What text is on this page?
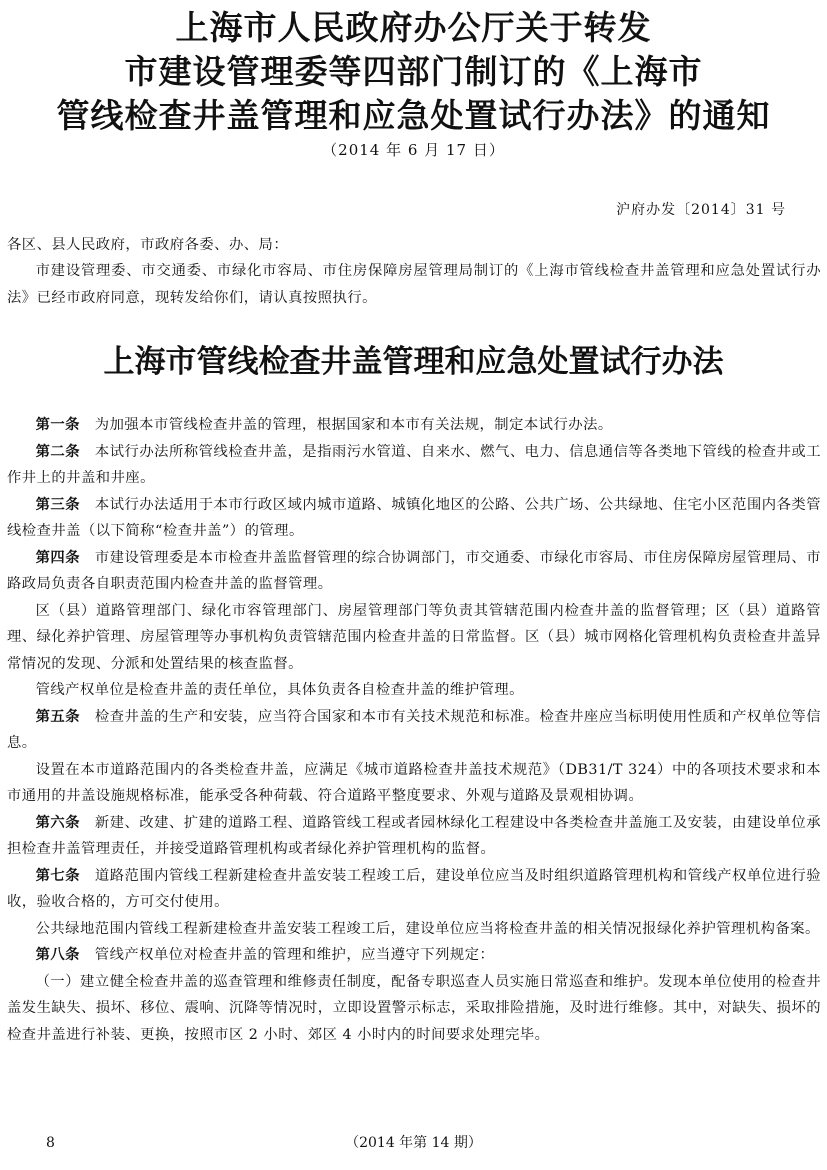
上海市人民政府办公厅关于转发
市建设管理委等四部门制订的《上海市
管线检查井盖管理和应急处置试行办法》的通知
（2014 年 6 月 17 日）
沪府办发〔2014〕31 号
各区、县人民政府，市政府各委、办、局：
市建设管理委、市交通委、市绿化市容局、市住房保障房屋管理局制订的《上海市管线检查井盖管理和应急处置试行办法》已经市政府同意，现转发给你们，请认真按照执行。
上海市管线检查井盖管理和应急处置试行办法
第一条　 为加强本市管线检查井盖的管理，根据国家和本市有关法规，制定本试行办法。
第二条　 本试行办法所称管线检查井盖，是指雨污水管道、自来水、燃气、电力、信息通信等各类地下管线的检查井或工作井上的井盖和井座。
第三条　 本试行办法适用于本市行政区域内城市道路、城镇化地区的公路、公共广场、公共绿地、住宅小区范围内各类管线检查井盖（以下简称“检查井盖”）的管理。
第四条　 市建设管理委是本市检查井盖监督管理的综合协调部门，市交通委、市绿化市容局、市住房保障房屋管理局、市路政局负责各自职责范围内检查井盖的监督管理。
区（县）道路管理部门、绿化市容管理部门、房屋管理部门等负责其管辖范围内检查井盖的监督管理；区（县）道路管理、绿化养护管理、房屋管理等办事机构负责管辖范围内检查井盖的日常监督。区（县）城市网格化管理机构负责检查井盖异常情况的发现、分派和处置结果的核查监督。
管线产权单位是检查井盖的责任单位，具体负责各自检查井盖的维护管理。
第五条　 检查井盖的生产和安装，应当符合国家和本市有关技术规范和标准。检查井座应当标明使用性质和产权单位等信息。
设置在本市道路范围内的各类检查井盖，应满足《城市道路检查井盖技术规范》（DB31/T 324）中的各项技术要求和本市通用的井盖设施规格标准，能承受各种荷载、符合道路平整度要求、外观与道路及景观相协调。
第六条　 新建、改建、扩建的道路工程、道路管线工程或者园林绿化工程建设中各类检查井盖施工及安装，由建设单位承担检查井盖管理责任，并接受道路管理机构或者绿化养护管理机构的监督。
第七条　 道路范围内管线工程新建检查井盖安装工程竣工后，建设单位应当及时组织道路管理机构和管线产权单位进行验收，验收合格的，方可交付使用。
公共绿地范围内管线工程新建检查井盖安装工程竣工后，建设单位应当将检查井盖的相关情况报绿化养护管理机构备案。
第八条　 管线产权单位对检查井盖的管理和维护，应当遵守下列规定：
（一）建立健全检查井盖的巡查管理和维修责任制度，配备专职巡查人员实施日常巡查和维护。发现本单位使用的检查井盖发生缺失、损坏、移位、震响、沉降等情况时，立即设置警示标志，采取排险措施，及时进行维修。其中，对缺失、损坏的检查井盖进行补装、更换，按照市区 2 小时、郊区 4 小时内的时间要求处理完毕。
8	（2014 年第 14 期）
